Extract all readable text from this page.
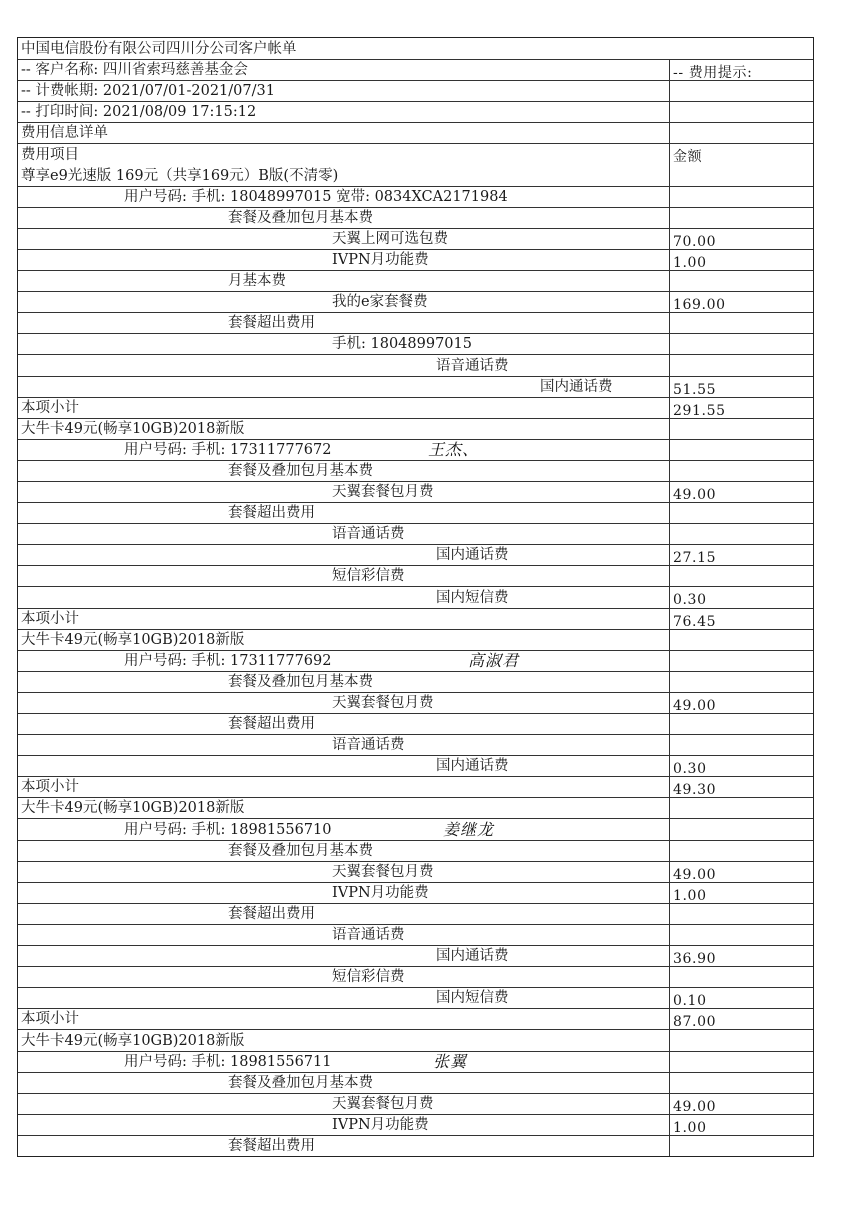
中国电信股份有限公司四川分公司客户帐单
-- 客户名称: 四川省索玛慈善基金会	-- 费用提示:
-- 计费帐期: 2021/07/01-2021/07/31
-- 打印时间: 2021/08/09 17:15:12
费用信息详单
费用项目	金额
尊享e9光速版 169元（共享169元）B版(不清零)
用户号码: 手机: 18048997015 宽带: 0834XCA2171984
套餐及叠加包月基本费
天翼上网可选包费	70.00
IVPN月功能费	1.00
月基本费
我的e家套餐费	169.00
套餐超出费用
手机: 18048997015
语音通话费
国内通话费	51.55
本项小计	291.55
大牛卡49元(畅享10GB)2018新版
用户号码: 手机: 17311777672	王杰、
套餐及叠加包月基本费
天翼套餐包月费	49.00
套餐超出费用
语音通话费
国内通话费	27.15
短信彩信费
国内短信费	0.30
本项小计	76.45
大牛卡49元(畅享10GB)2018新版
用户号码: 手机: 17311777692	高淑君
套餐及叠加包月基本费
天翼套餐包月费	49.00
套餐超出费用
语音通话费
国内通话费	0.30
本项小计	49.30
大牛卡49元(畅享10GB)2018新版
用户号码: 手机: 18981556710	姜继龙
套餐及叠加包月基本费
天翼套餐包月费	49.00
IVPN月功能费	1.00
套餐超出费用
语音通话费
国内通话费	36.90
短信彩信费
国内短信费	0.10
本项小计	87.00
大牛卡49元(畅享10GB)2018新版
用户号码: 手机: 18981556711	张翼
套餐及叠加包月基本费
天翼套餐包月费	49.00
IVPN月功能费	1.00
套餐超出费用
